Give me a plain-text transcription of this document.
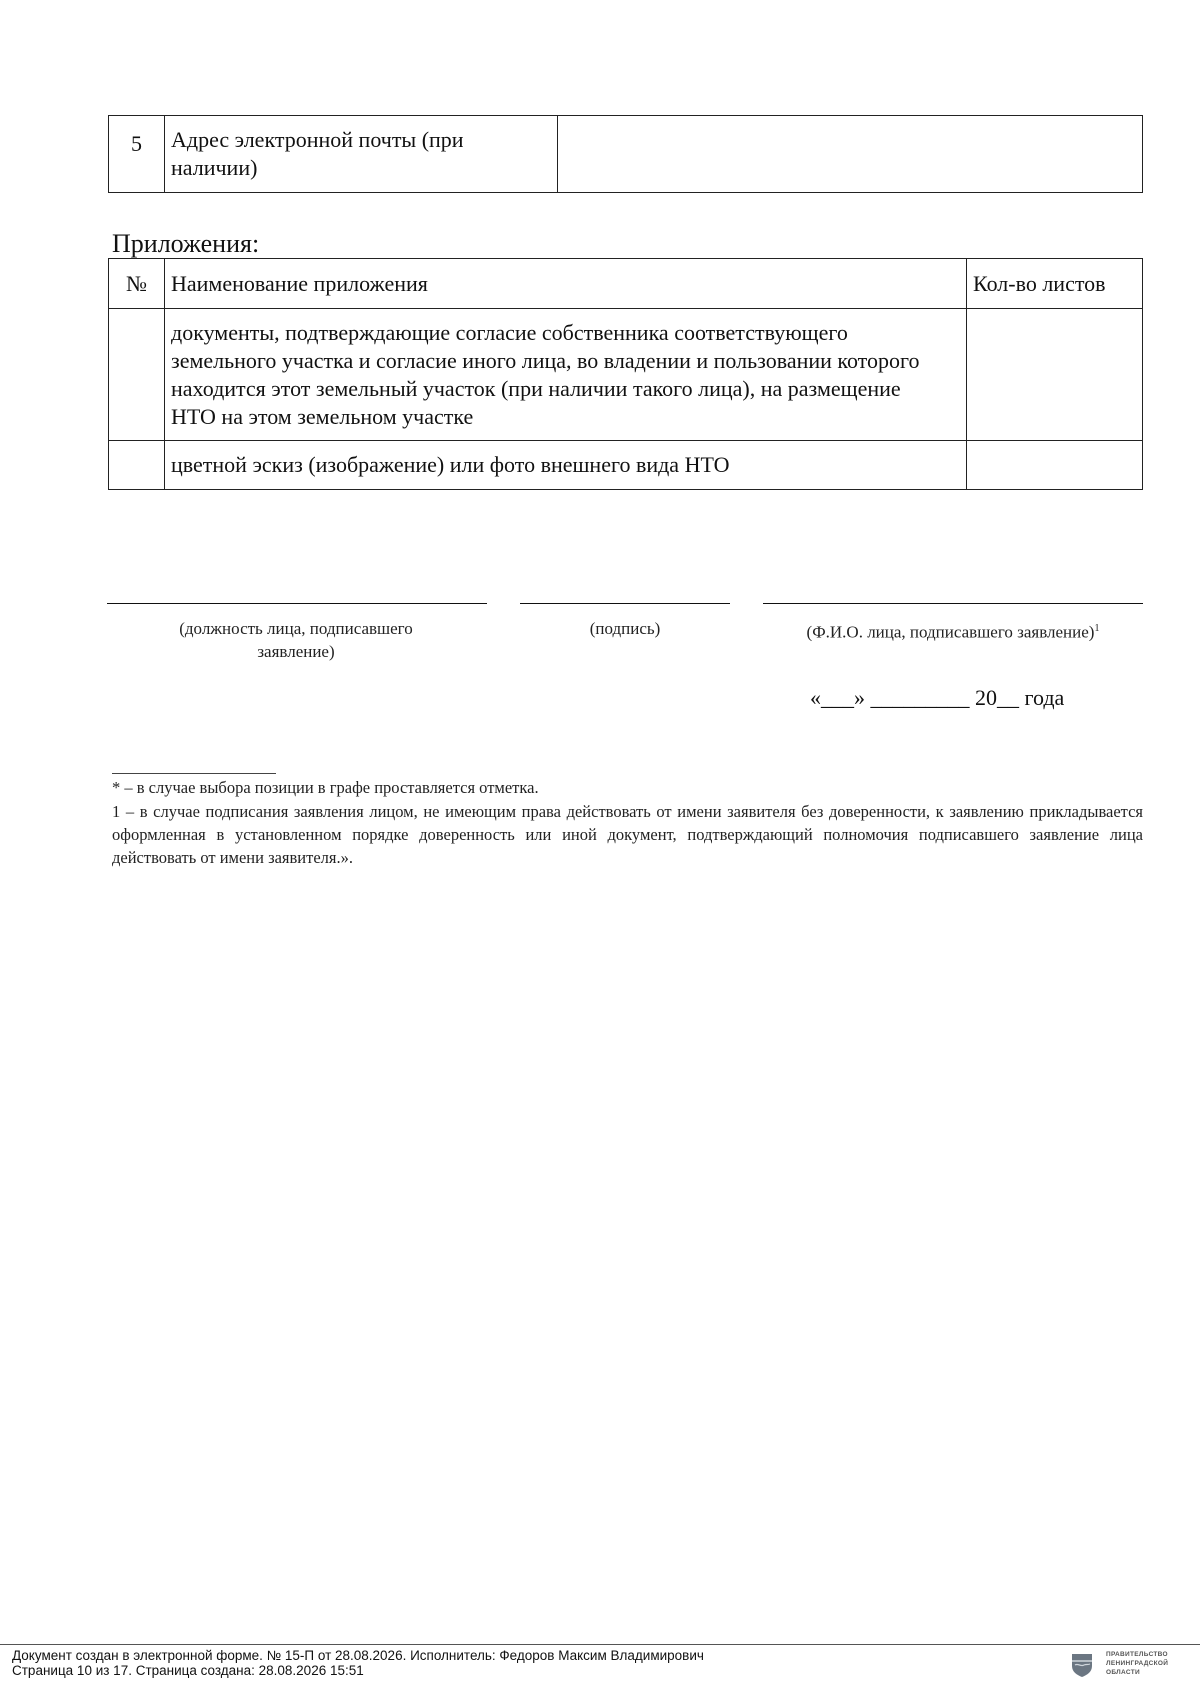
5	Адрес электронной почты (при наличии)

Приложения:
№	Наименование приложения	Кол-во листов

	документы, подтверждающие согласие собственника соответствующего земельного участка и согласие иного лица, во владении и пользовании которого находится этот земельный участок (при наличии такого лица), на размещение НТО на этом земельном участке	

	цветной эскиз (изображение) или фото внешнего вида НТО	

(должность лица, подписавшего заявление)
(подпись)	(Ф.И.О. лица, подписавшего заявление)$^1$
«___» _________ 20__ года
* – в случае выбора позиции в графе проставляется отметка.
1 – в случае подписания заявления лицом, не имеющим права действовать от имени заявителя без доверенности, к заявлению прикладывается оформленная в установленном порядке доверенность или иной документ, подтверждающий полномочия подписавшего заявление лица действовать от имени заявителя.».
Документ создан в электронной форме. № 15-П от 28.08.2026. Исполнитель: Федоров Максим Владимирович
Страница 10 из 17. Страница создана: 28.08.2026 15:51
ПРАВИТЕЛЬСТВО
ЛЕНИНГРАДСКОЙ
ОБЛАСТИ
